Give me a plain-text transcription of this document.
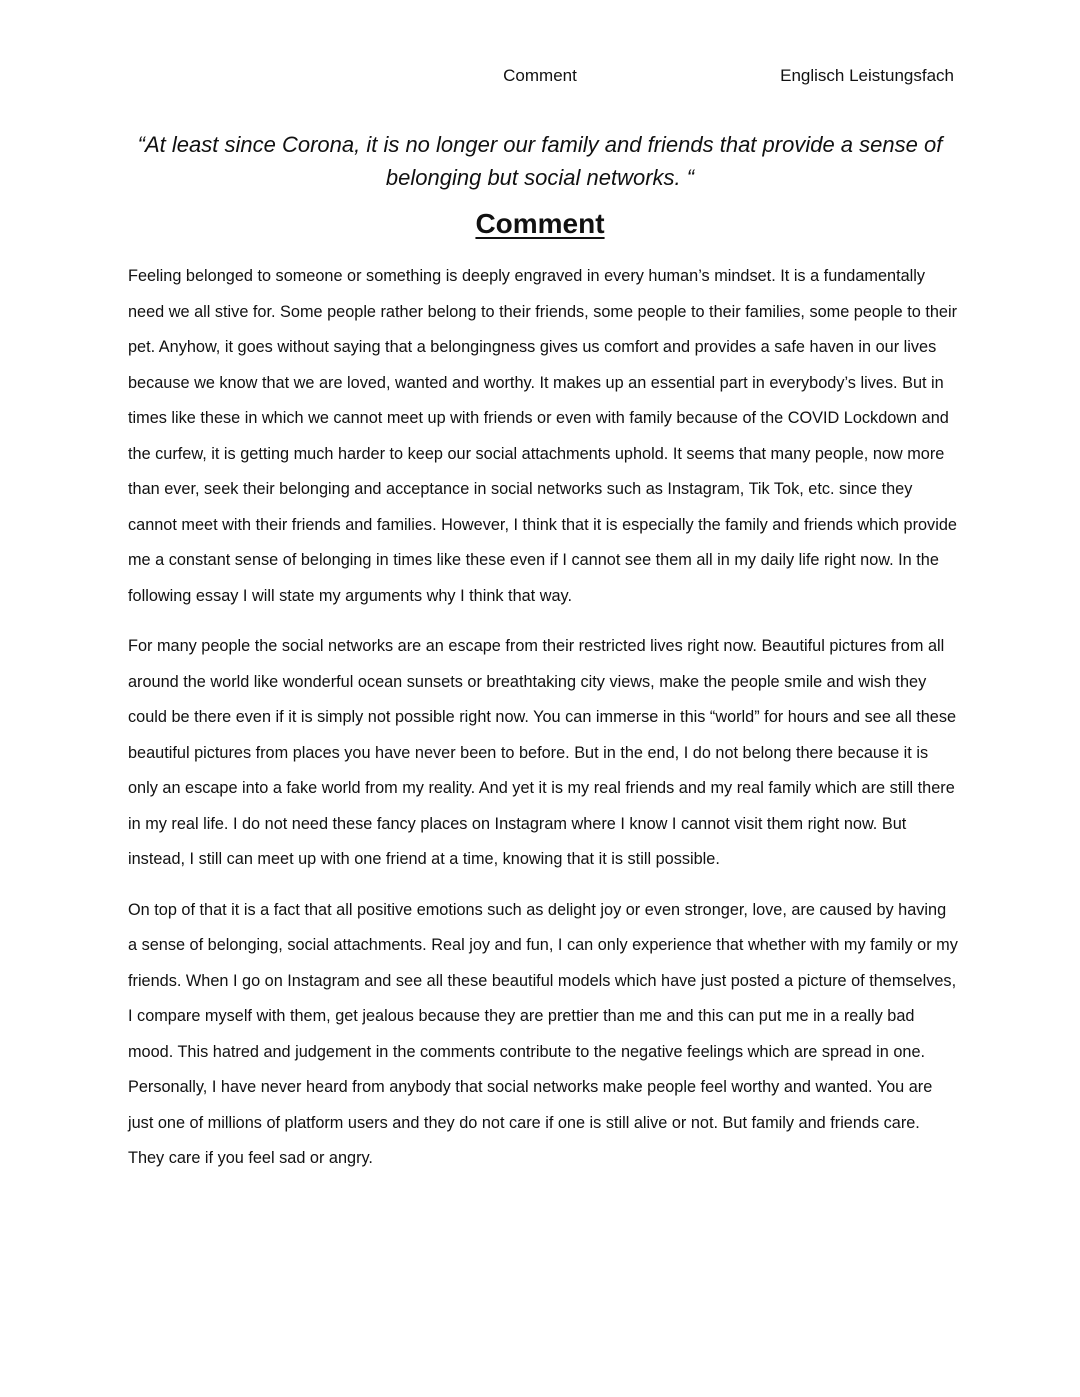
Comment	Englisch Leistungsfach
“At least since Corona, it is no longer our family and friends that provide a sense of belonging but social networks. “
Comment

Feeling belonged to someone or something is deeply engraved in every human’s mindset. It is a fundamentally need we all stive for. Some people rather belong to their friends, some people to their families, some people to their pet. Anyhow, it goes without saying that a belongingness gives us comfort and provides a safe haven in our lives because we know that we are loved, wanted and worthy. It makes up an essential part in everybody’s lives. But in times like these in which we cannot meet up with friends or even with family because of the COVID Lockdown and the curfew, it is getting much harder to keep our social attachments uphold. It seems that many people, now more than ever, seek their belonging and acceptance in social networks such as Instagram, Tik Tok, etc. since they cannot meet with their friends and families. However, I think that it is especially the family and friends which provide me a constant sense of belonging in times like these even if I cannot see them all in my daily life right now. In the following essay I will state my arguments why I think that way.

For many people the social networks are an escape from their restricted lives right now. Beautiful pictures from all around the world like wonderful ocean sunsets or breathtaking city views, make the people smile and wish they could be there even if it is simply not possible right now. You can immerse in this “world” for hours and see all these beautiful pictures from places you have never been to before. But in the end, I do not belong there because it is only an escape into a fake world from my reality. And yet it is my real friends and my real family which are still there in my real life. I do not need these fancy places on Instagram where I know I cannot visit them right now. But instead, I still can meet up with one friend at a time, knowing that it is still possible.

On top of that it is a fact that all positive emotions such as delight joy or even stronger, love, are caused by having a sense of belonging, social attachments. Real joy and fun, I can only experience that whether with my family or my friends. When I go on Instagram and see all these beautiful models which have just posted a picture of themselves, I compare myself with them, get jealous because they are prettier than me and this can put me in a really bad mood. This hatred and judgement in the comments contribute to the negative feelings which are spread in one. Personally, I have never heard from anybody that social networks make people feel worthy and wanted. You are just one of millions of platform users and they do not care if one is still alive or not. But family and friends care. They care if you feel sad or angry.
